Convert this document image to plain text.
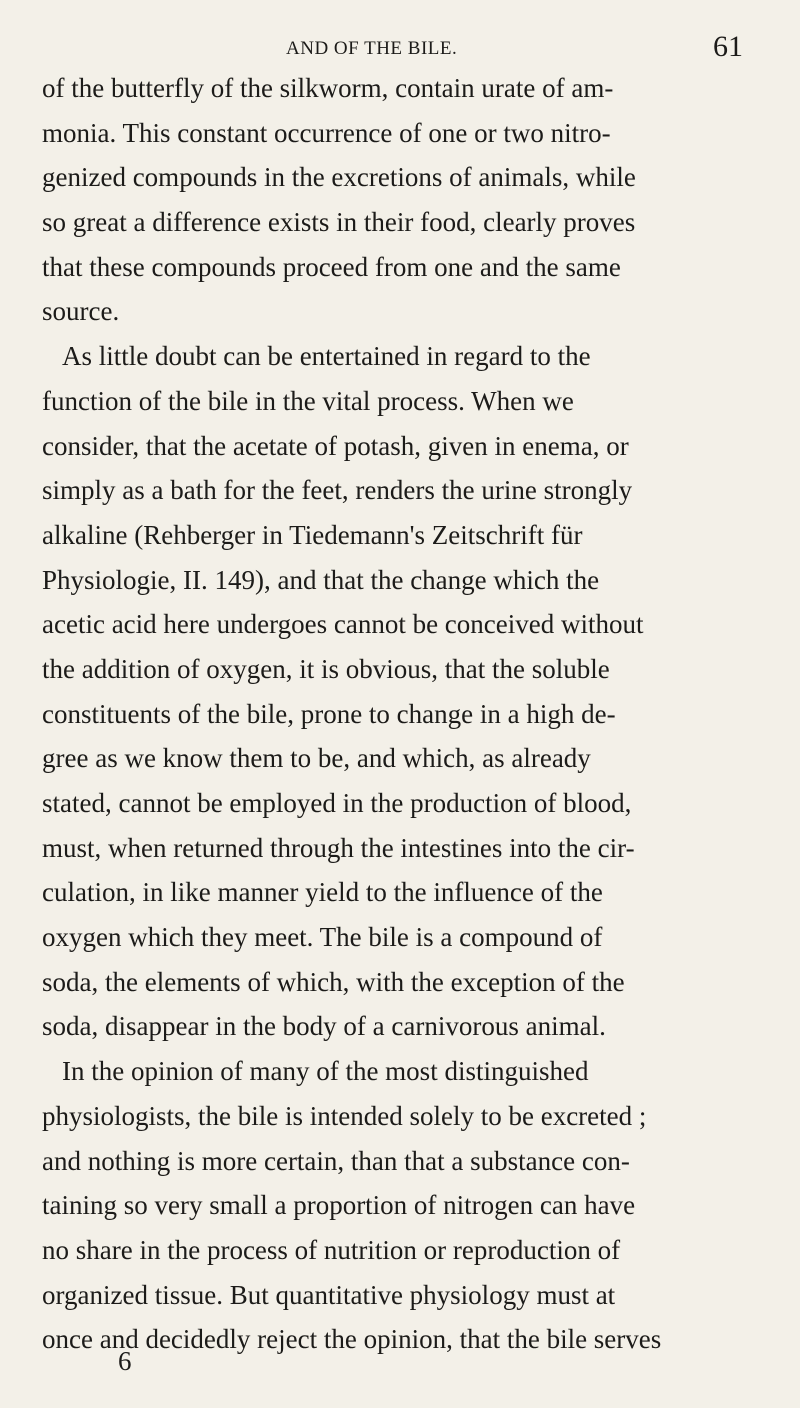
AND OF THE BILE.	61
of the butterfly of the silkworm, contain urate of am-
monia. This constant occurrence of one or two nitro-
genized compounds in the excretions of animals, while
so great a difference exists in their food, clearly proves
that these compounds proceed from one and the same
source.
As little doubt can be entertained in regard to the
function of the bile in the vital process. When we
consider, that the acetate of potash, given in enema, or
simply as a bath for the feet, renders the urine strongly
alkaline (Rehberger in Tiedemann's Zeitschrift für
Physiologie, II. 149), and that the change which the
acetic acid here undergoes cannot be conceived without
the addition of oxygen, it is obvious, that the soluble
constituents of the bile, prone to change in a high de-
gree as we know them to be, and which, as already
stated, cannot be employed in the production of blood,
must, when returned through the intestines into the cir-
culation, in like manner yield to the influence of the
oxygen which they meet. The bile is a compound of
soda, the elements of which, with the exception of the
soda, disappear in the body of a carnivorous animal.
In the opinion of many of the most distinguished
physiologists, the bile is intended solely to be excreted ;
and nothing is more certain, than that a substance con-
taining so very small a proportion of nitrogen can have
no share in the process of nutrition or reproduction of
organized tissue. But quantitative physiology must at
once and decidedly reject the opinion, that the bile serves
6
